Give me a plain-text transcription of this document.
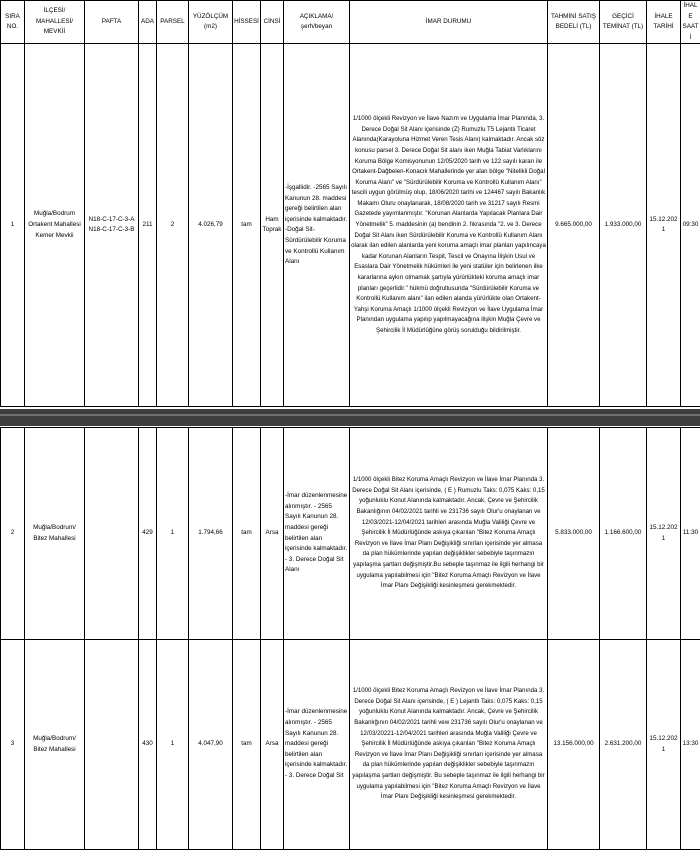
SIRA NO.	İLÇESİ/ MAHALLESİ/ MEVKİİ	PAFTA	ADA	PARSEL	YÜZÖLÇÜM (m2)	HİSSESİ	CİNSİ	AÇIKLAMA/ şerh/beyan	İMAR DURUMU	TAHMİNİ SATIŞ BEDELİ (TL)	GEÇİCİ TEMİNAT (TL)	İHALE TARİHİ	İHALE SAATİ
1	Muğla/Bodrum Ortakent Mahallesi Kemer Mevkii	N18-C-17-C-3-A N18-C-17-C-3-B	211	2	4.026,79	tam	Ham Toprak	-İşgallidir. -2565 Sayılı Kanunun 28. maddesi gereği belirtilen alan içerisinde kalmaktadır. -Doğal Sit-Sürdürülebilir Koruma ve Kontrollü Kullanım Alanı	1/1000 ölçekli Revizyon ve İlave Nazım ve Uygulama İmar Planında, 3. Derece Doğal Sit Alanı içerisinde (Z) Rumuzlu T5 Lejantlı Ticaret Alanında(Karayoluna Hizmet Veren Tesis Alanı) kalmaktadır. Ancak söz konusu parsel 3. Derece Doğal Sit alanı iken Muğla Tabiat Varlıklarını Koruma Bölge Komisyonunun 12/05/2020 tarih ve 122 sayılı kararı ile Ortakent-Dağbelen-Konacık Mahallerinde yer alan bölge "Nitelikli Doğal Koruma Alanı" ve "Sürdürülebilir Koruma ve Kontrollü Kullanım Alanı" tescili uygun görülmüş olup, 18/06/2020 tarihi ve 124467 sayılı Bakanlık Makamı Oluru onaylanarak, 18/08/2020 tarih ve 31217 sayılı Resmi Gazetede yayımlanmıştır. "Korunan Alanlarda Yapılacak Planlara Dair Yönetmelik" 5. maddesinin (a) bendinin 2. fıkrasında "2. ve 3. Derece Doğal Sit Alanı iken Sürdürülebilir Koruma ve Kontrollü Kullanım Alanı olarak ilan edilen alanlarda yeni koruma amaçlı imar planları yapılıncaya kadar Korunan Alanların Tespit, Tescil ve Onayına İlişkin Usul ve Esaslara Dair Yönetmelik hükümleri ile yeni statüler için belirlenen ilke kararlarına aykırı olmamak şartıyla yürürlükteki koruma amaçlı imar planları geçerlidir." hükmü doğrultusunda "Sürdürülebilir Koruma ve Kontrollü Kullanım alanı" ilan edilen alanda yürürlükte olan Ortakent-Yahşi Koruma Amaçlı 1/1000 ölçekli Revizyon ve İlave Uygulama İmar Planından uygulama yapılıp yapılmayacağına ilişkin Muğla Çevre ve Şehircilik İl Müdürlüğüne görüş sorulduğu bildirilmiştir.	9.665.000,00	1.933.000,00	15.12.2021	09:30
2	Muğla/Bodrum/ Bitez Mahallesi		429	1	1.794,66	tam	Arsa	-İmar düzenlenmesine alınmıştır. - 2565 Sayılı Kanunun 28. maddesi gereği belirtilen alan içerisinde kalmaktadır. - 3. Derece Doğal Sit Alanı	1/1000 ölçekli Bitez Koruma Amaçlı Revizyon ve İlave İmar Planında 3. Derece Doğal Sit Alanı içerisinde, ( E ) Rumuzlu Taks: 0,075 Kaks: 0,15 yoğunluklu Konut Alanında kalmaktadır. Ancak, Çevre ve Şehircilik Bakanlığının 04/02/2021 tarihli ve 231736 sayılı Olur'u onaylanan ve 12/03/2021-12/04/2021 tarihleri arasında Muğla Valiliği Çevre ve Şehircilik İl Müdürlüğünde askıya çıkarılan "Bitez Koruma Amaçlı Revizyon ve İlave İmar Planı Değişikliği sınırları içerisinde yer almasa da plan hükümlerinde yapılan değişiklikler sebebiyle taşınmazın yapılaşma şartları değişmiştir.Bu sebeple taşınmaz ile ilgili herhangi bir uygulama yapılabilmesi için "Bitez Koruma Amaçlı Revizyon ve İlave İmar Planı Değişikliği kesinleşmesi gerekmektedir.	5.833.000,00	1.166.600,00	15.12.2021	11:30
3	Muğla/Bodrum/ Bitez Mahallesi		430	1	4.047,90	tam	Arsa	-İmar düzenlenmesine alınmıştır. - 2565 Sayılı Kanunun 28. maddesi gereği belirtilen alan içerisinde kalmaktadır. - 3. Derece Doğal Sit	1/1000 ölçekli Bitez Koruma Amaçlı Revizyon ve İlave İmar Planında 3. Derece Doğal Sit Alanı içerisinde, ( E ) Lejantlı Taks: 0,075 Kaks: 0,15 yoğunluklu Konut Alanında kalmaktadır. Ancak, Çevre ve Şehircilik Bakanlığının 04/02/2021 tarihli vew 231736 sayılı Olur'u onaylanan ve 12/03/20221-12/04/2021 tarihleri arasında Muğla Valiliği Çevre ve Şehircilik İl Müdürlüğünde askıya çıkarılan "Bitez Koruma Amaçlı Revizyon ve İlave İmar Planı Değişikliği sınırları içerisinde yer almasa da plan hükümlerinde yapılan değişiklikler sebebiyle taşınmazın yapılaşma şartları değişmiştir. Bu sebeple taşınmaz ile ilgili herhangi bir uygulama yapılabilmesi için "Bitez Koruma Amaçlı Revizyon ve İlave İmar Planı Değişikliği kesinleşmesi gerekmektedir.	13.156.000,00	2.631.200,00	15.12.2021	13:30
